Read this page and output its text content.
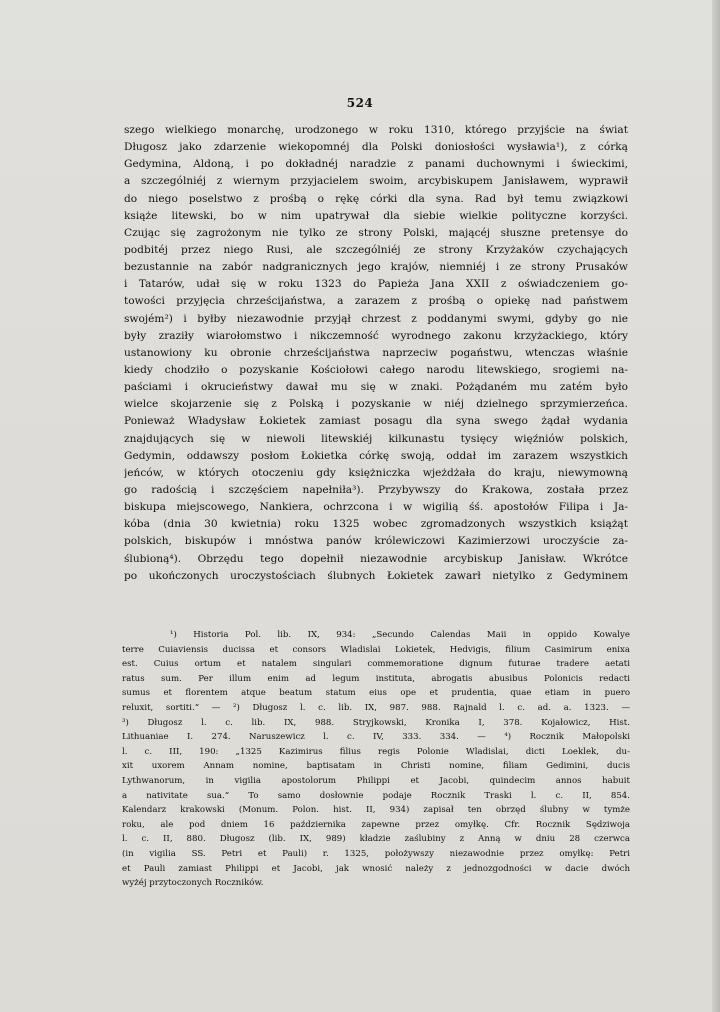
524
szego wielkiego monarchę, urodzonego w roku 1310, którego przyjście na świat
Długosz jako zdarzenie wiekopomnéj dla Polski doniosłości wysławia¹), z córką
Gedymina, Aldoną, i po dokładnéj naradzie z panami duchownymi i świeckimi,
a szczególniéj z wiernym przyjacielem swoim, arcybiskupem Janisławem, wyprawił
do niego poselstwo z prośbą o rękę córki dla syna. Rad był temu związkowi
książe litewski, bo w nim upatrywał dla siebie wielkie polityczne korzyści.
Czując się zagrożonym nie tylko ze strony Polski, mającéj słuszne pretensye do
podbitéj przez niego Rusi, ale szczególniéj ze strony Krzyżaków czychających
bezustannie na zabór nadgranicznych jego krajów, niemniéj i ze strony Prusaków
i Tatarów, udał się w roku 1323 do Papieża Jana XXII z oświadczeniem go-
towości przyjęcia chrześcijaństwa, a zarazem z prośbą o opiekę nad państwem
swojém²) i byłby niezawodnie przyjął chrzest z poddanymi swymi, gdyby go nie
były zraziły wiarołomstwo i nikczemność wyrodnego zakonu krzyżackiego, który
ustanowiony ku obronie chrześcijaństwa naprzeciw pogaństwu, wtenczas właśnie
kiedy chodziło o pozyskanie Kościołowi całego narodu litewskiego, srogiemi na-
paściami i okrucieństwy dawał mu się w znaki. Pożądaném mu zatém było
wielce skojarzenie się z Polską i pozyskanie w niéj dzielnego sprzymierzeńca.
Ponieważ Władysław Łokietek zamiast posagu dla syna swego żądał wydania
znajdujących się w niewoli litewskiéj kilkunastu tysięcy więźniów polskich,
Gedymin, oddawszy posłom Łokietka córkę swoją, oddał im zarazem wszystkich
jeńców, w których otoczeniu gdy księżniczka wjeżdżała do kraju, niewymowną
go radością i szczęściem napełniła³). Przybywszy do Krakowa, została przez
biskupa miejscowego, Nankiera, ochrzcona i w wigilią śś. apostołów Filipa i Ja-
kóba (dnia 30 kwietnia) roku 1325 wobec zgromadzonych wszystkich książąt
polskich, biskupów i mnóstwa panów królewiczowi Kazimierzowi uroczyście za-
ślubioną⁴). Obrzędu tego dopełnił niezawodnie arcybiskup Janisław. Wkrótce
po ukończonych uroczystościach ślubnych Łokietek zawarł nietylko z Gedyminem
¹) Historia Pol. lib. IX, 934: „Secundo Calendas Maii in oppido Kowalye
terre Cuiaviensis ducissa et consors Wladislai Lokietek, Hedvigis, filium Casimirum enixa
est. Cuius ortum et natalem singulari commemoratione dignum futurae tradere aetati
ratus sum. Per illum enim ad legum instituta, abrogatis abusibus Polonicis redacti
sumus et florentem atque beatum statum eius ope et prudentia, quae etiam in puero
reluxit, sortiti.“ — ²) Długosz l. c. lib. IX, 987. 988. Rajnald l. c. ad. a. 1323. —
³) Długosz l. c. lib. IX, 988. Stryjkowski, Kronika I, 378. Kojałowicz, Hist.
Lithuaniae I. 274. Naruszewicz l. c. IV, 333. 334. — ⁴) Rocznik Małopolski
l. c. III, 190: „1325 Kazimirus filius regis Polonie Wladislai, dicti Loeklek, du-
xit uxorem Annam nomine, baptisatam in Christi nomine, filiam Gedimini, ducis
Lythwanorum, in vigilia apostolorum Philippi et Jacobi, quindecim annos habuit
a nativitate sua.“ To samo dosłownie podaje Rocznik Traski l. c. II, 854.
Kalendarz krakowski (Monum. Polon. hist. II, 934) zapisał ten obrzęd ślubny w tymże
roku, ale pod dniem 16 października zapewne przez omyłkę. Cfr. Rocznik Sędziwoja
l. c. II, 880. Długosz (lib. IX, 989) kładzie zaślubiny z Anną w dniu 28 czerwca
(in vigilia SS. Petri et Pauli) r. 1325, położywszy niezawodnie przez omyłkę: Petri
et Pauli zamiast Philippi et Jacobi, jak wnosić należy z jednozgodności w dacie dwóch
wyżéj przytoczonych Roczników.
